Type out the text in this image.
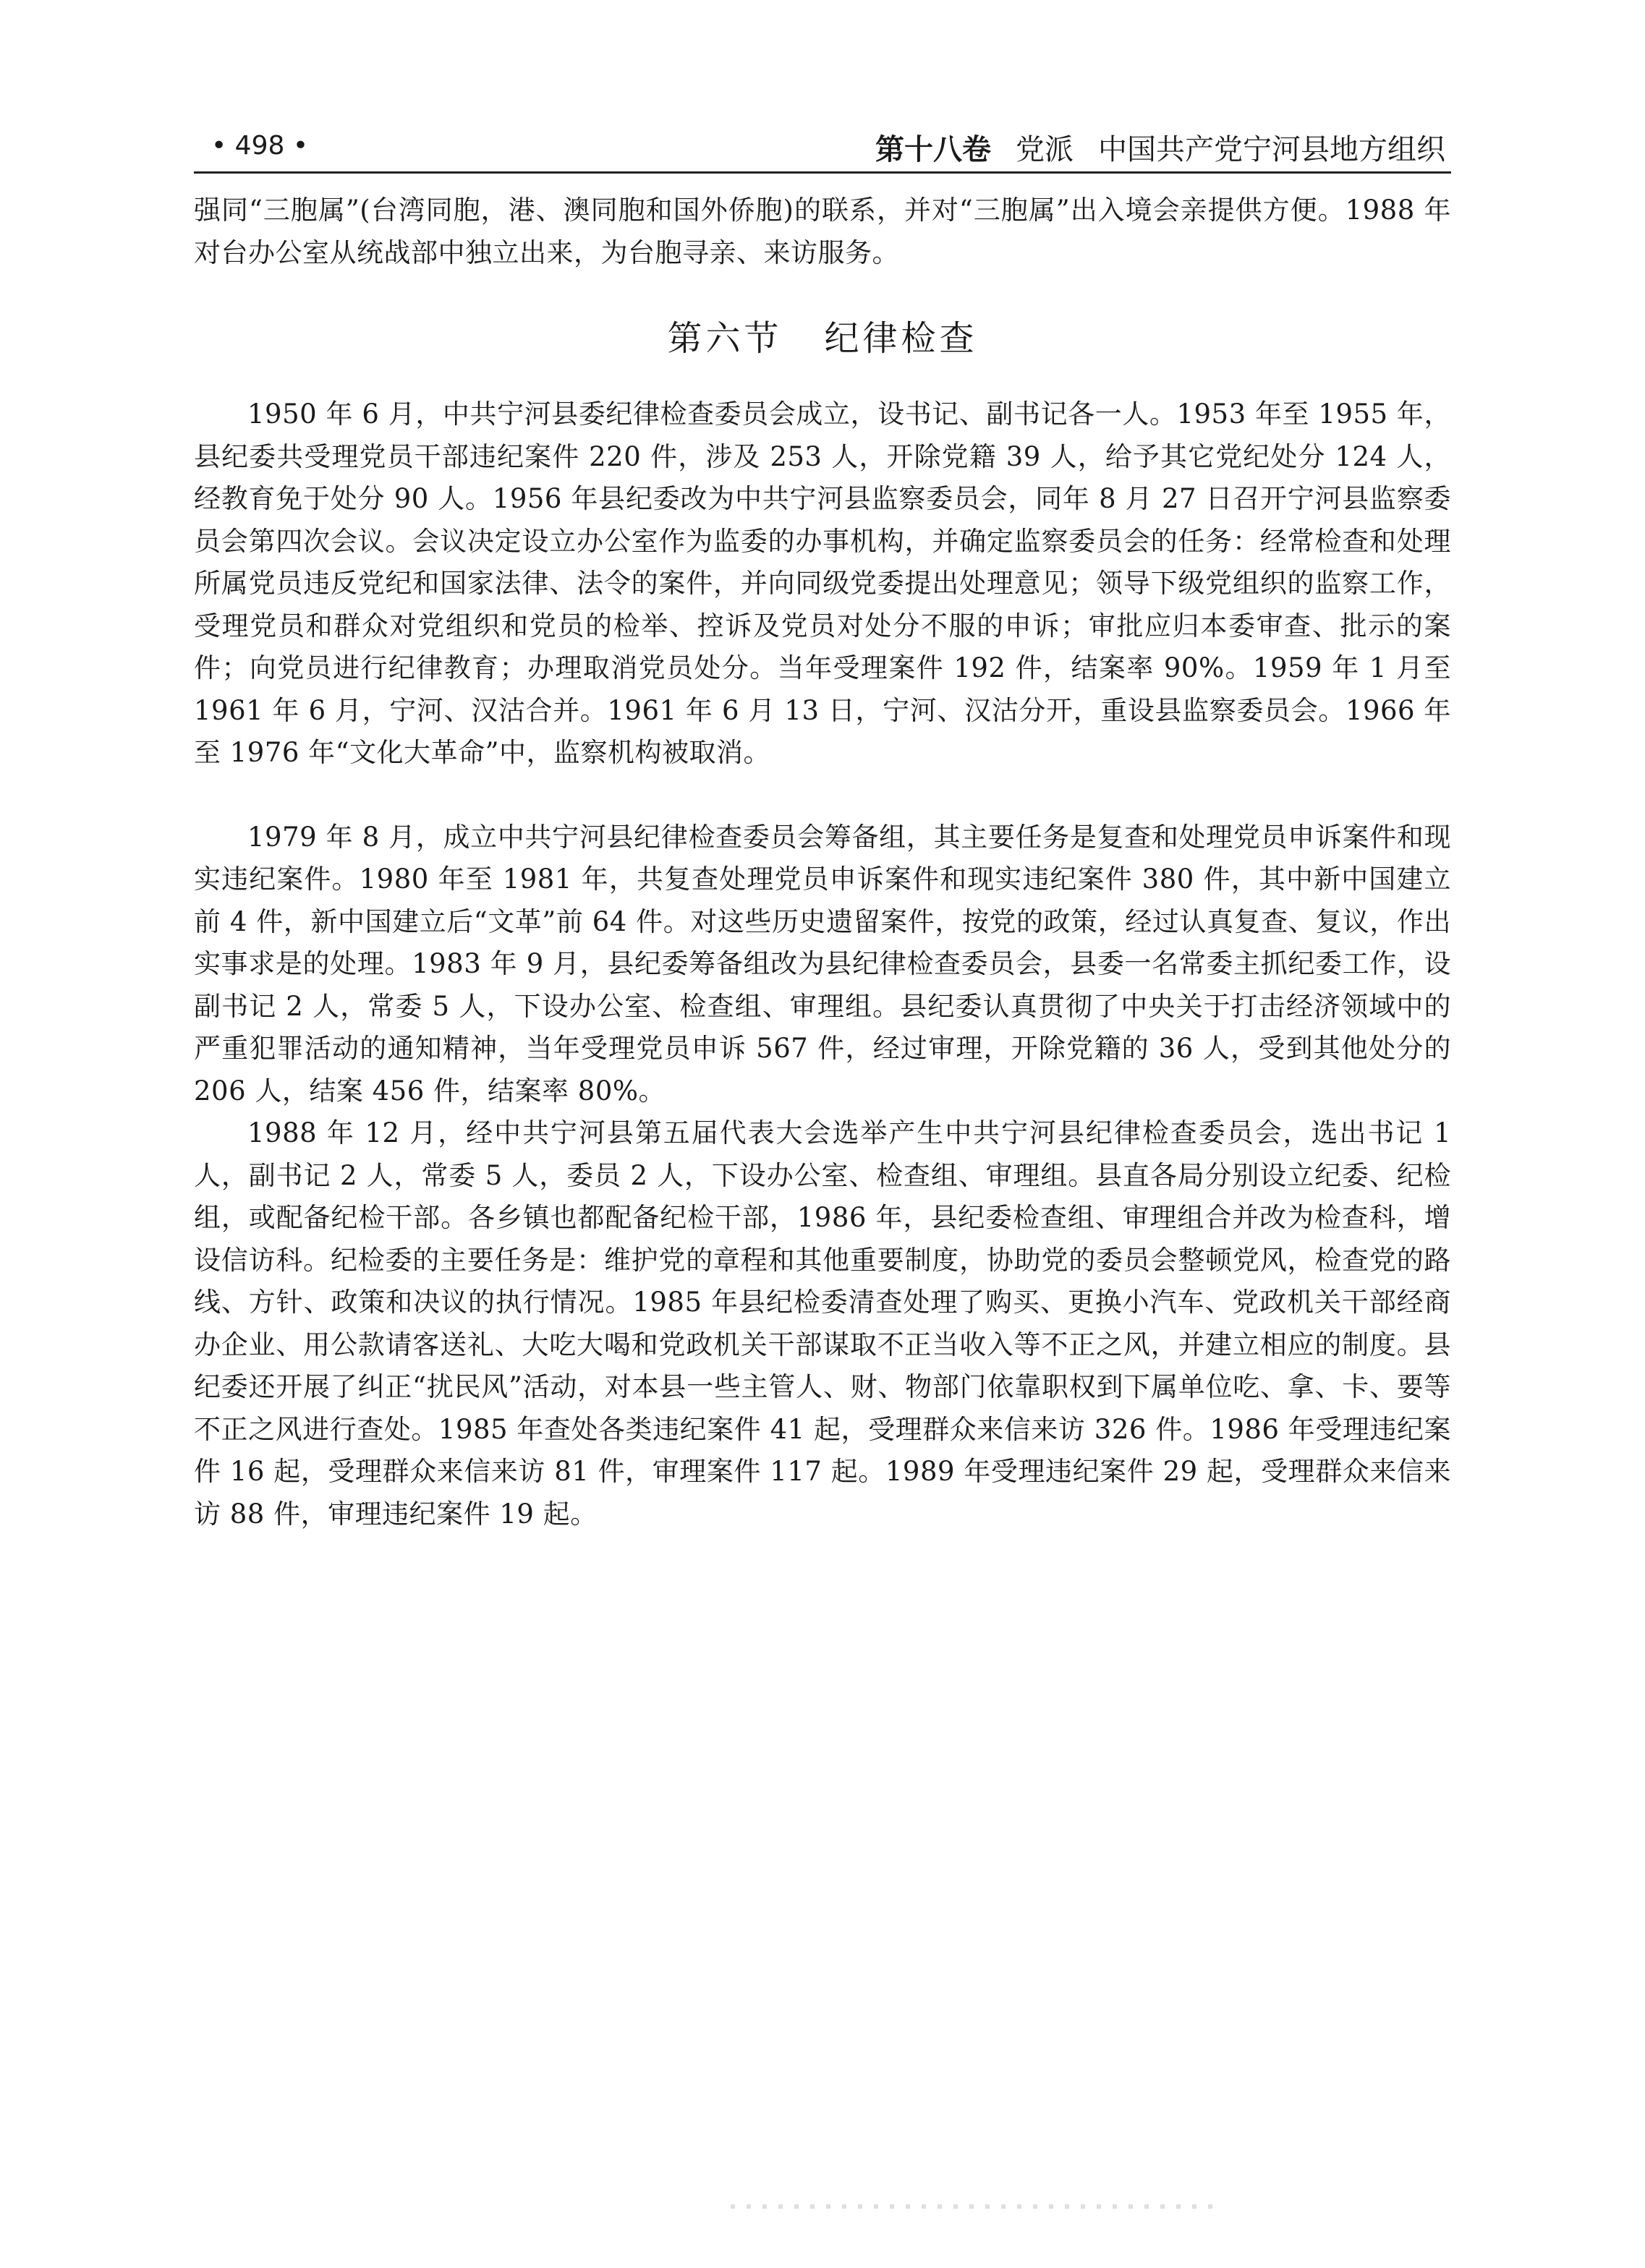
• 498 •	第十八卷 党派 中国共产党宁河县地方组织

强同“三胞属”(台湾同胞，港、澳同胞和国外侨胞)的联系，并对“三胞属”出入境会亲提供方便。1988 年对台办公室从统战部中独立出来，为台胞寻亲、来访服务。

第六节 纪律检查

1950 年 6 月，中共宁河县委纪律检查委员会成立，设书记、副书记各一人。1953 年至 1955 年，县纪委共受理党员干部违纪案件 220 件，涉及 253 人，开除党籍 39 人，给予其它党纪处分 124 人，经教育免于处分 90 人。1956 年县纪委改为中共宁河县监察委员会，同年 8 月 27 日召开宁河县监察委员会第四次会议。会议决定设立办公室作为监委的办事机构，并确定监察委员会的任务：经常检查和处理所属党员违反党纪和国家法律、法令的案件，并向同级党委提出处理意见；领导下级党组织的监察工作，受理党员和群众对党组织和党员的检举、控诉及党员对处分不服的申诉；审批应归本委审查、批示的案件；向党员进行纪律教育；办理取消党员处分。当年受理案件 192 件，结案率 90%。1959 年 1 月至 1961 年 6 月，宁河、汉沽合并。1961 年 6 月 13 日，宁河、汉沽分开，重设县监察委员会。1966 年至 1976 年“文化大革命”中，监察机构被取消。

1979 年 8 月，成立中共宁河县纪律检查委员会筹备组，其主要任务是复查和处理党员申诉案件和现实违纪案件。1980 年至 1981 年，共复查处理党员申诉案件和现实违纪案件 380 件，其中新中国建立前 4 件，新中国建立后“文革”前 64 件。对这些历史遗留案件，按党的政策，经过认真复查、复议，作出实事求是的处理。1983 年 9 月，县纪委筹备组改为县纪律检查委员会，县委一名常委主抓纪委工作，设副书记 2 人，常委 5 人，下设办公室、检查组、审理组。县纪委认真贯彻了中央关于打击经济领域中的严重犯罪活动的通知精神，当年受理党员申诉 567 件，经过审理，开除党籍的 36 人，受到其他处分的 206 人，结案 456 件，结案率 80%。

1988 年 12 月，经中共宁河县第五届代表大会选举产生中共宁河县纪律检查委员会，选出书记 1 人，副书记 2 人，常委 5 人，委员 2 人，下设办公室、检查组、审理组。县直各局分别设立纪委、纪检组，或配备纪检干部。各乡镇也都配备纪检干部，1986 年，县纪委检查组、审理组合并改为检查科，增设信访科。纪检委的主要任务是：维护党的章程和其他重要制度，协助党的委员会整顿党风，检查党的路线、方针、政策和决议的执行情况。1985 年县纪检委清查处理了购买、更换小汽车、党政机关干部经商办企业、用公款请客送礼、大吃大喝和党政机关干部谋取不正当收入等不正之风，并建立相应的制度。县纪委还开展了纠正“扰民风”活动，对本县一些主管人、财、物部门依靠职权到下属单位吃、拿、卡、要等不正之风进行查处。1985 年查处各类违纪案件 41 起，受理群众来信来访 326 件。1986 年受理违纪案件 16 起，受理群众来信来访 81 件，审理案件 117 起。1989 年受理违纪案件 29 起，受理群众来信来访 88 件，审理违纪案件 19 起。
